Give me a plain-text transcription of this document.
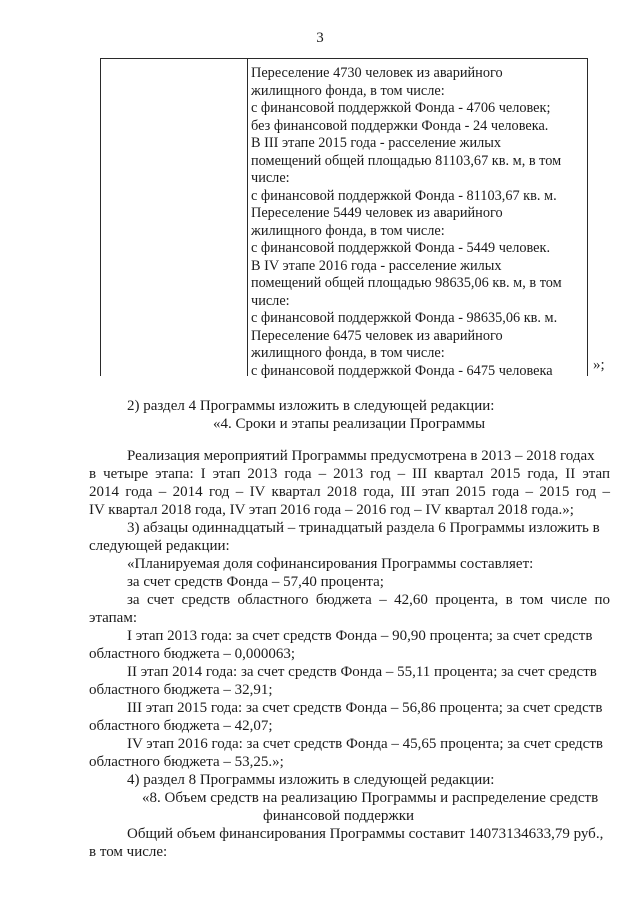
3
Переселение 4730 человек из аварийного
жилищного фонда, в том числе:
с финансовой поддержкой Фонда - 4706 человек;
без финансовой поддержки Фонда - 24 человека.
В III этапе 2015 года - расселение жилых
помещений общей площадью 81103,67 кв. м, в том
числе:
с финансовой поддержкой Фонда - 81103,67 кв. м.
Переселение 5449 человек из аварийного
жилищного фонда, в том числе:
с финансовой поддержкой Фонда - 5449 человек.
В IV этапе 2016 года - расселение жилых
помещений общей площадью 98635,06 кв. м, в том
числе:
с финансовой поддержкой Фонда - 98635,06 кв. м.
Переселение 6475 человек из аварийного
жилищного фонда, в том числе:
с финансовой поддержкой Фонда - 6475 человека	»;
2) раздел 4 Программы изложить в следующей редакции:
«4. Сроки и этапы реализации Программы
Реализация мероприятий Программы предусмотрена в 2013 – 2018 годах
в четыре этапа: I этап 2013 года – 2013 год – III квартал 2015 года, II этап
2014 года – 2014 год – IV квартал 2018 года, III этап 2015 года – 2015 год –
IV квартал 2018 года, IV этап 2016 года – 2016 год – IV квартал 2018 года.»;
3) абзацы одиннадцатый – тринадцатый раздела 6 Программы изложить в
следующей редакции:
«Планируемая доля софинансирования Программы составляет:
за счет средств Фонда – 57,40 процента;
за счет средств областного бюджета – 42,60 процента, в том числе по
этапам:
I этап 2013 года: за счет средств Фонда – 90,90 процента; за счет средств
областного бюджета – 0,000063;
II этап 2014 года: за счет средств Фонда – 55,11 процента; за счет средств
областного бюджета – 32,91;
III этап 2015 года: за счет средств Фонда – 56,86 процента; за счет средств
областного бюджета – 42,07;
IV этап 2016 года: за счет средств Фонда – 45,65 процента; за счет средств
областного бюджета – 53,25.»;
4) раздел 8 Программы изложить в следующей редакции:
«8. Объем средств на реализацию Программы и распределение средств
финансовой поддержки
Общий объем финансирования Программы составит 14073134633,79 руб.,
в том числе:
